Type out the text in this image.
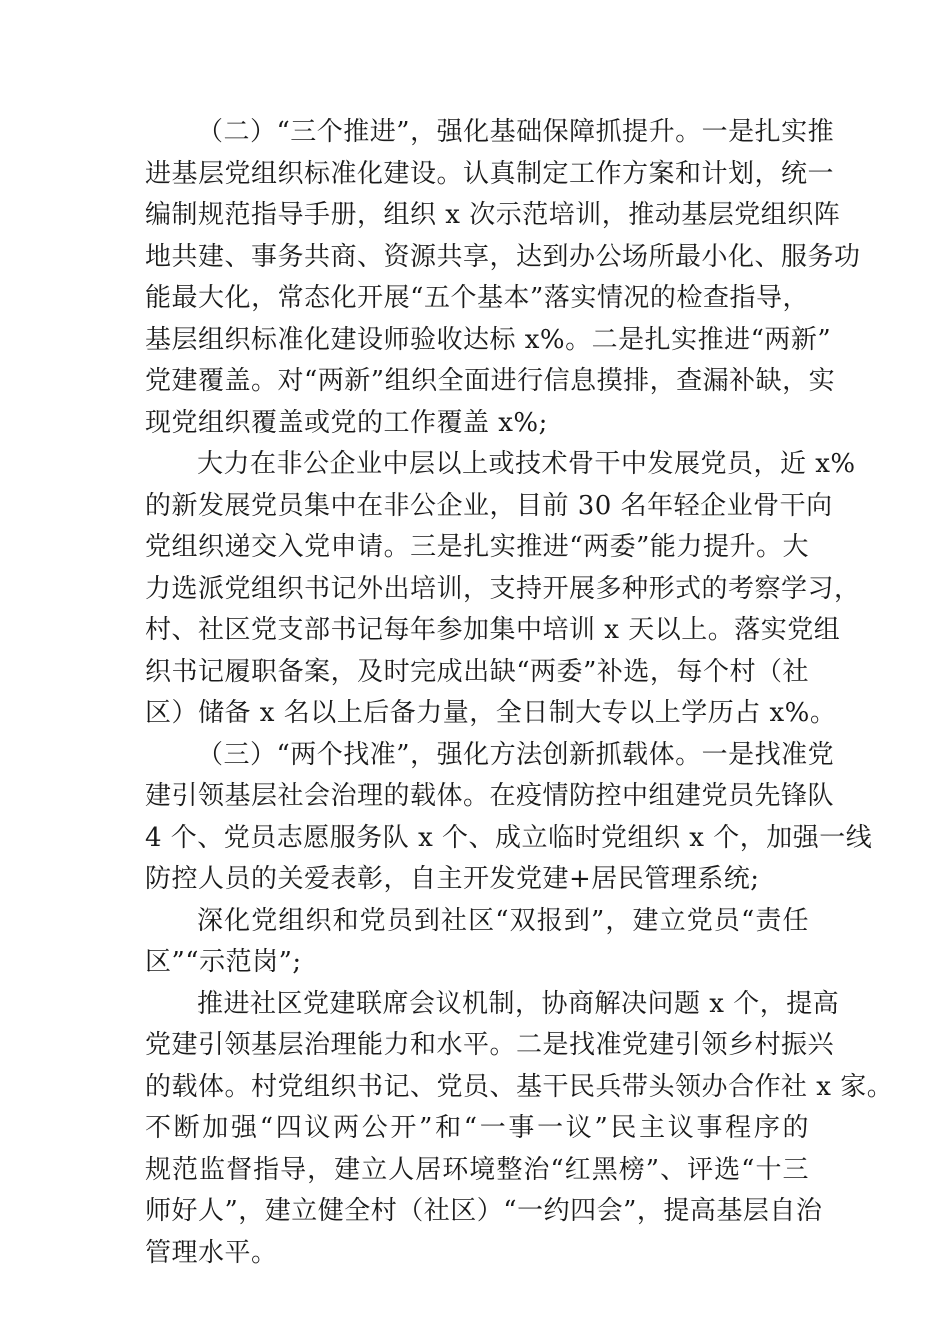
（二）“三个推进”，强化基础保障抓提升。一是扎实推
进基层党组织标准化建设。认真制定工作方案和计划，统一
编制规范指导手册，组织 x 次示范培训，推动基层党组织阵
地共建、事务共商、资源共享，达到办公场所最小化、服务功
能最大化，常态化开展“五个基本”落实情况的检查指导，
基层组织标准化建设师验收达标 x%。二是扎实推进“两新”
党建覆盖。对“两新”组织全面进行信息摸排，查漏补缺，实
现党组织覆盖或党的工作覆盖 x%;
大力在非公企业中层以上或技术骨干中发展党员，近 x%
的新发展党员集中在非公企业，目前 30 名年轻企业骨干向
党组织递交入党申请。三是扎实推进“两委”能力提升。大
力选派党组织书记外出培训，支持开展多种形式的考察学习，
村、社区党支部书记每年参加集中培训 x 天以上。落实党组
织书记履职备案，及时完成出缺“两委”补选，每个村（社
区）储备 x 名以上后备力量，全日制大专以上学历占 x%。
（三）“两个找准”，强化方法创新抓载体。一是找准党
建引领基层社会治理的载体。在疫情防控中组建党员先锋队
4 个、党员志愿服务队 x 个、成立临时党组织 x 个，加强一线
防控人员的关爱表彰，自主开发党建+居民管理系统;
深化党组织和党员到社区“双报到”，建立党员“责任
区”“示范岗”;
推进社区党建联席会议机制，协商解决问题 x 个，提高
党建引领基层治理能力和水平。二是找准党建引领乡村振兴
的载体。村党组织书记、党员、基干民兵带头领办合作社 x 家。
不断加强“四议两公开”和“一事一议”民主议事程序的
规范监督指导，建立人居环境整治“红黑榜”、评选“十三
师好人”，建立健全村（社区）“一约四会”，提高基层自治
管理水平。
